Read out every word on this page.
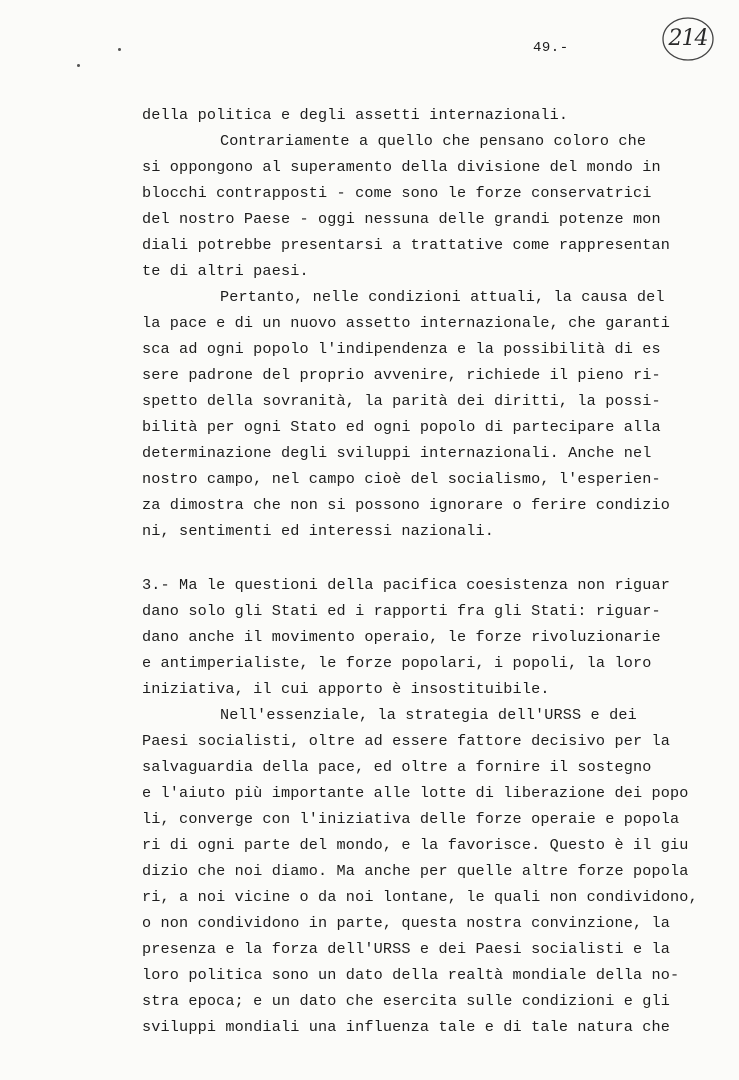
49.-	214
della politica e degli assetti internazionali.
Contrariamente a quello che pensano coloro che
si oppongono al superamento della divisione del mondo in
blocchi contrapposti - come sono le forze conservatrici
del nostro Paese - oggi nessuna delle grandi potenze mon
diali potrebbe presentarsi a trattative come rappresentan
te di altri paesi.
Pertanto, nelle condizioni attuali, la causa del
la pace e di un nuovo assetto internazionale, che garanti
sca ad ogni popolo l'indipendenza e la possibilità di es
sere padrone del proprio avvenire, richiede il pieno ri-
spetto della sovranità, la parità dei diritti, la possi-
bilità per ogni Stato ed ogni popolo di partecipare alla
determinazione degli sviluppi internazionali. Anche nel
nostro campo, nel campo cioè del socialismo, l'esperien-
za dimostra che non si possono ignorare o ferire condizio
ni, sentimenti ed interessi nazionali.
3.- Ma le questioni della pacifica coesistenza non riguar
dano solo gli Stati ed i rapporti fra gli Stati: riguar-
dano anche il movimento operaio, le forze rivoluzionarie
e antimperialiste, le forze popolari, i popoli, la loro
iniziativa, il cui apporto è insostituibile.
Nell'essenziale, la strategia dell'URSS e dei
Paesi socialisti, oltre ad essere fattore decisivo per la
salvaguardia della pace, ed oltre a fornire il sostegno
e l'aiuto più importante alle lotte di liberazione dei popo
li, converge con l'iniziativa delle forze operaie e popola
ri di ogni parte del mondo, e la favorisce. Questo è il giu
dizio che noi diamo. Ma anche per quelle altre forze popola
ri, a noi vicine o da noi lontane, le quali non condividono,
o non condividono in parte, questa nostra convinzione, la
presenza e la forza dell'URSS e dei Paesi socialisti e la
loro politica sono un dato della realtà mondiale della no-
stra epoca; e un dato che esercita sulle condizioni e gli
sviluppi mondiali una influenza tale e di tale natura che
